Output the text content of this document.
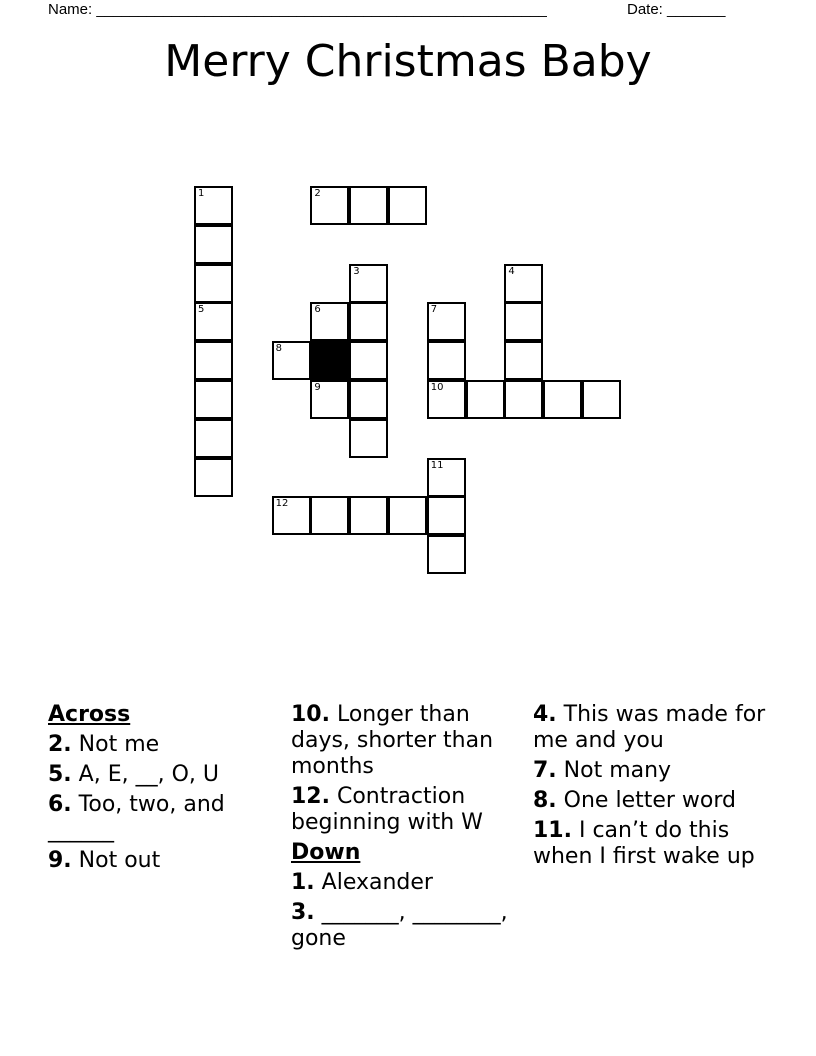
Name: ______________________________________________________	Date: _______
Merry Christmas Baby
1
5
2
3	4
6
9
7
8
10
11
12
Across
2. Not me
5. A, E, __, O, U
6. Too, two, and ______
9. Not out
10. Longer than days, shorter than months
12. Contraction beginning with W
Down
1. Alexander
3. _______, ________, gone
4. This was made for me and you
7. Not many
8. One letter word
11. I can’t do this when I first wake up
